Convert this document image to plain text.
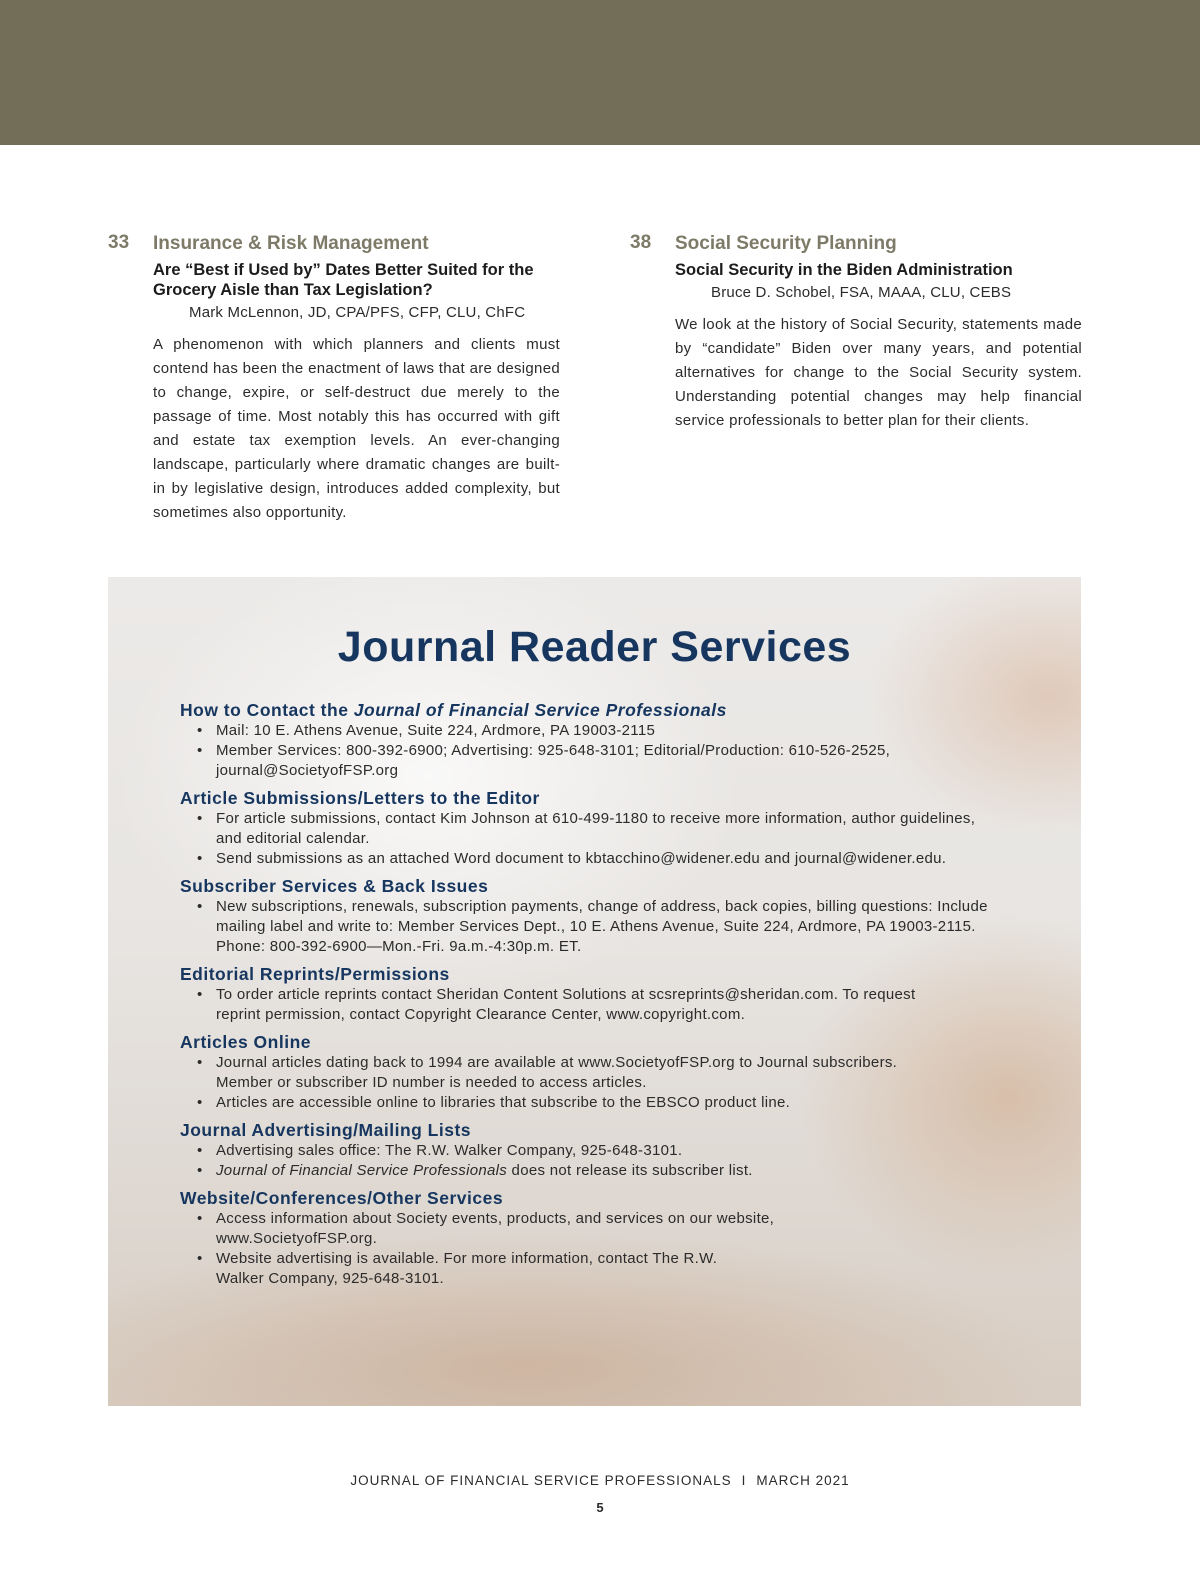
33 Insurance & Risk Management
Are “Best if Used by” Dates Better Suited for the Grocery Aisle than Tax Legislation?
Mark McLennon, JD, CPA/PFS, CFP, CLU, ChFC
A phenomenon with which planners and clients must contend has been the enactment of laws that are designed to change, expire, or self-destruct due merely to the passage of time. Most notably this has occurred with gift and estate tax exemption levels. An ever-changing landscape, particularly where dramatic changes are built-in by legislative design, introduces added complexity, but sometimes also opportunity.
38 Social Security Planning
Social Security in the Biden Administration
Bruce D. Schobel, FSA, MAAA, CLU, CEBS
We look at the history of Social Security, statements made by “candidate” Biden over many years, and potential alternatives for change to the Social Security system. Understanding potential changes may help financial service professionals to better plan for their clients.
Journal Reader Services
How to Contact the Journal of Financial Service Professionals
• Mail: 10 E. Athens Avenue, Suite 224, Ardmore, PA 19003-2115
• Member Services: 800-392-6900; Advertising: 925-648-3101; Editorial/Production: 610-526-2525, journal@SocietyofFSP.org
Article Submissions/Letters to the Editor
• For article submissions, contact Kim Johnson at 610-499-1180 to receive more information, author guidelines, and editorial calendar.
• Send submissions as an attached Word document to kbtacchino@widener.edu and journal@widener.edu.
Subscriber Services & Back Issues
• New subscriptions, renewals, subscription payments, change of address, back copies, billing questions: Include mailing label and write to: Member Services Dept., 10 E. Athens Avenue, Suite 224, Ardmore, PA 19003-2115. Phone: 800-392-6900—Mon.-Fri. 9a.m.-4:30p.m. ET.
Editorial Reprints/Permissions
• To order article reprints contact Sheridan Content Solutions at scsreprints@sheridan.com. To request reprint permission, contact Copyright Clearance Center, www.copyright.com.
Articles Online
• Journal articles dating back to 1994 are available at www.SocietyofFSP.org to Journal subscribers. Member or subscriber ID number is needed to access articles.
• Articles are accessible online to libraries that subscribe to the EBSCO product line.
Journal Advertising/Mailing Lists
• Advertising sales office: The R.W. Walker Company, 925-648-3101.
• Journal of Financial Service Professionals does not release its subscriber list.
Website/Conferences/Other Services
• Access information about Society events, products, and services on our website, www.SocietyofFSP.org.
• Website advertising is available. For more information, contact The R.W. Walker Company, 925-648-3101.
JOURNAL OF FINANCIAL SERVICE PROFESSIONALS I MARCH 2021
5
